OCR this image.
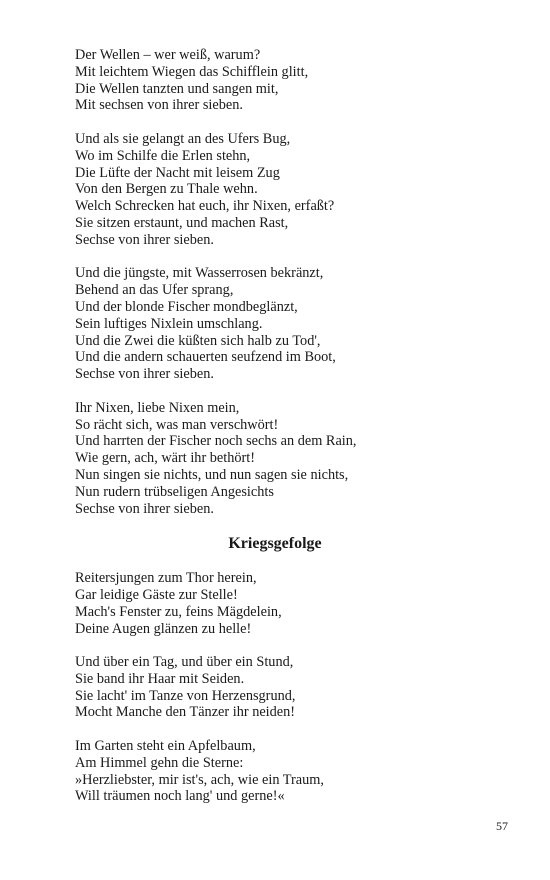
Der Wellen – wer weiß, warum?
Mit leichtem Wiegen das Schifflein glitt,
Die Wellen tanzten und sangen mit,
Mit sechsen von ihrer sieben.
Und als sie gelangt an des Ufers Bug,
Wo im Schilfe die Erlen stehn,
Die Lüfte der Nacht mit leisem Zug
Von den Bergen zu Thale wehn.
Welch Schrecken hat euch, ihr Nixen, erfaßt?
Sie sitzen erstaunt, und machen Rast,
Sechse von ihrer sieben.
Und die jüngste, mit Wasserrosen bekränzt,
Behend an das Ufer sprang,
Und der blonde Fischer mondbeglänzt,
Sein luftiges Nixlein umschlang.
Und die Zwei die küßten sich halb zu Tod',
Und die andern schauerten seufzend im Boot,
Sechse von ihrer sieben.
Ihr Nixen, liebe Nixen mein,
So rächt sich, was man verschwört!
Und harrten der Fischer noch sechs an dem Rain,
Wie gern, ach, wärt ihr bethört!
Nun singen sie nichts, und nun sagen sie nichts,
Nun rudern trübseligen Angesichts
Sechse von ihrer sieben.
Kriegsgefolge
Reitersjungen zum Thor herein,
Gar leidige Gäste zur Stelle!
Mach's Fenster zu, feins Mägdelein,
Deine Augen glänzen zu helle!
Und über ein Tag, und über ein Stund,
Sie band ihr Haar mit Seiden.
Sie lacht' im Tanze von Herzensgrund,
Mocht Manche den Tänzer ihr neiden!
Im Garten steht ein Apfelbaum,
Am Himmel gehn die Sterne:
»Herzliebster, mir ist's, ach, wie ein Traum,
Will träumen noch lang' und gerne!«
57
